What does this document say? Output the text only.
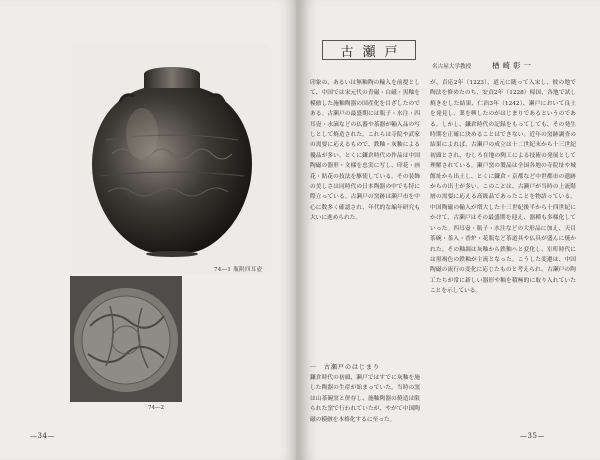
74—1 瓶附四耳壺
74—2
—34—
古瀬戸
名古屋大学教授	楢崎彰一

印象の、あるいは無釉陶の輸入を前提として、中国では宋元代の青磁・白磁・黒釉を模倣した施釉陶器の国産化を目ざしたのである。古瀬戸の最盛期には瓶子・水注・四耳壺・水滴などの仏器や茶器が輸入品の写しとして焼造された。これらは寺院や武家の需要に応えるもので、鉄釉・灰釉による優品が多い。とくに鎌倉時代の作品は中国陶磁の器形・文様を忠実に写し、印花・画花・貼花の技法を駆使している。その装飾の美しさは同時代の日本陶器の中でも特に際立っている。古瀬戸の窯跡は瀬戸市を中心に数多く確認され、年代的な編年研究も大いに進められた。

一　古瀬戸のはじまり

鎌倉時代の初頭、瀬戸ではすでに灰釉を施した陶器の生産が始まっていた。当時の窯は山茶碗窯と併存し、施釉陶器の焼造は限られた窯で行われていたが、やがて中国陶磁の模倣を本格化するに至った。

が、貞応2年（1223）、道元に随って入宋し、彼の地で陶法を修めたのち、安貞2年（1228）帰国、各地で試し焼きをした結果、仁治3年（1242）、瀬戸において良土を発見し、業を興したのがはじまりであるというのである。しかし、鎌倉時代の記録をもってしても、その発生時期を正確に決めることはできない。近年の窯跡調査の結果によれば、古瀬戸の成立は十二世紀末から十三世紀初頭とされ、むしろ在地の陶工による技術の発展として理解されている。瀬戸窯の製品は全国各地の寺院址や城館址から出土し、とくに鎌倉・京都など中世都市の遺跡からの出土が多い。このことは、古瀬戸が当時の上流階層の需要に応える高級品であったことを物語っている。中国陶磁の輸入が増大した十三世紀後半から十四世紀にかけて、古瀬戸はその最盛期を迎え、器種も多様化していった。四耳壺・瓶子・水注などの大形品に加え、天目茶碗・茶入・香炉・花瓶など茶道具や仏具が盛んに焼かれた。その釉調は灰釉から鉄釉へと変化し、室町時代には黒褐色の鉄釉が主流となった。こうした変遷は、中国陶磁の流行の変化に応じたものと考えられ、古瀬戸の陶工たちが常に新しい器形や釉を積極的に取り入れていたことを示している。

—35—
